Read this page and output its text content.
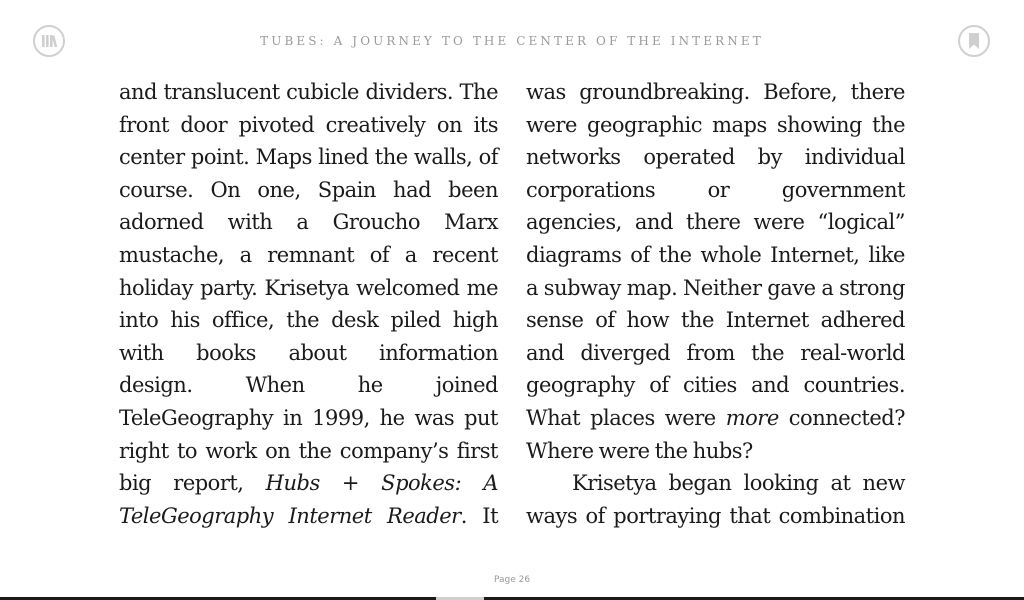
TUBES: A JOURNEY TO THE CENTER OF THE INTERNET
and translucent cubicle dividers. The
front door pivoted creatively on its
center point. Maps lined the walls, of
course. On one, Spain had been
adorned with a Groucho Marx
mustache, a remnant of a recent
holiday party. Krisetya welcomed me
into his office, the desk piled high
with books about information
design. When he joined
TeleGeography in 1999, he was put
right to work on the company’s first
big report, Hubs + Spokes: A
TeleGeography Internet Reader. It
was groundbreaking. Before, there
were geographic maps showing the
networks operated by individual
corporations or government
agencies, and there were “logical”
diagrams of the whole Internet, like
a subway map. Neither gave a strong
sense of how the Internet adhered
and diverged from the real-world
geography of cities and countries.
What places were more connected?
Where were the hubs?
Krisetya began looking at new
ways of portraying that combination
Page 26
